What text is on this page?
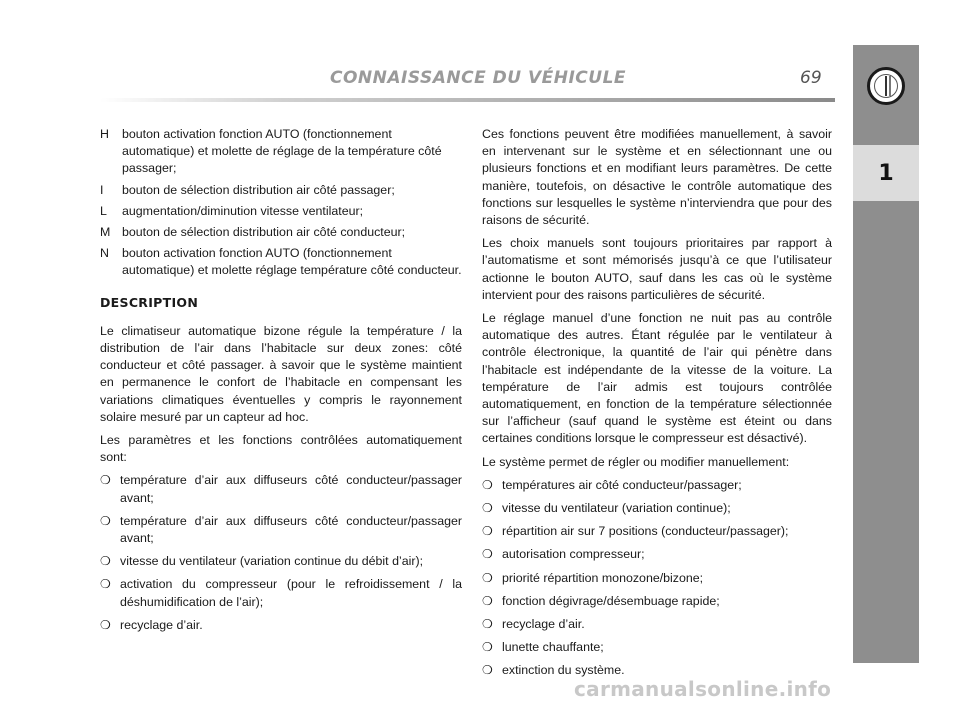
CONNAISSANCE DU VÉHICULE	69
1
H	bouton activation fonction AUTO (fonctionnement automatique) et molette de réglage de la température côté passager;
I	bouton de sélection distribution air côté passager;
L	augmentation/diminution vitesse ventilateur;
M bouton de sélection distribution air côté conducteur;
N	bouton activation fonction AUTO (fonctionnement automatique) et molette réglage température côté conducteur.
DESCRIPTION

Le climatiseur automatique bizone régule la température / la distribution de l’air dans l’habitacle sur deux zones: côté conducteur et côté passager. à savoir que le système maintient en permanence le confort de l’habitacle en compensant les variations climatiques éventuelles y compris le rayonnement solaire mesuré par un capteur ad hoc.

Les paramètres et les fonctions contrôlées automatiquement sont:

❍ température d’air aux diffuseurs côté conducteur/passager avant;
❍ température d’air aux diffuseurs côté conducteur/passager avant;
❍ vitesse du ventilateur (variation continue du débit d’air);
❍ activation du compresseur (pour le refroidissement / la déshumidification de l’air);
❍ recyclage d’air.

Ces fonctions peuvent être modifiées manuellement, à savoir en intervenant sur le système et en sélectionnant une ou plusieurs fonctions et en modifiant leurs paramètres. De cette manière, toutefois, on désactive le contrôle automatique des fonctions sur lesquelles le système n’interviendra que pour des raisons de sécurité.

Les choix manuels sont toujours prioritaires par rapport à l’automatisme et sont mémorisés jusqu’à ce que l’utilisateur actionne le bouton AUTO, sauf dans les cas où le système intervient pour des raisons particulières de sécurité.

Le réglage manuel d’une fonction ne nuit pas au contrôle automatique des autres. Étant régulée par le ventilateur à contrôle électronique, la quantité de l’air qui pénètre dans l’habitacle est indépendante de la vitesse de la voiture. La température de l’air admis est toujours contrôlée automatiquement, en fonction de la température sélectionnée sur l’afficheur (sauf quand le système est éteint ou dans certaines conditions lorsque le compresseur est désactivé).

Le système permet de régler ou modifier manuellement:

❍ températures air côté conducteur/passager;
❍ vitesse du ventilateur (variation continue);
❍ répartition air sur 7 positions (conducteur/passager);
❍ autorisation compresseur;
❍ priorité répartition monozone/bizone;
❍ fonction dégivrage/désembuage rapide;
❍ recyclage d’air.
❍ lunette chauffante;
❍ extinction du système.
carmanualsonline.info
